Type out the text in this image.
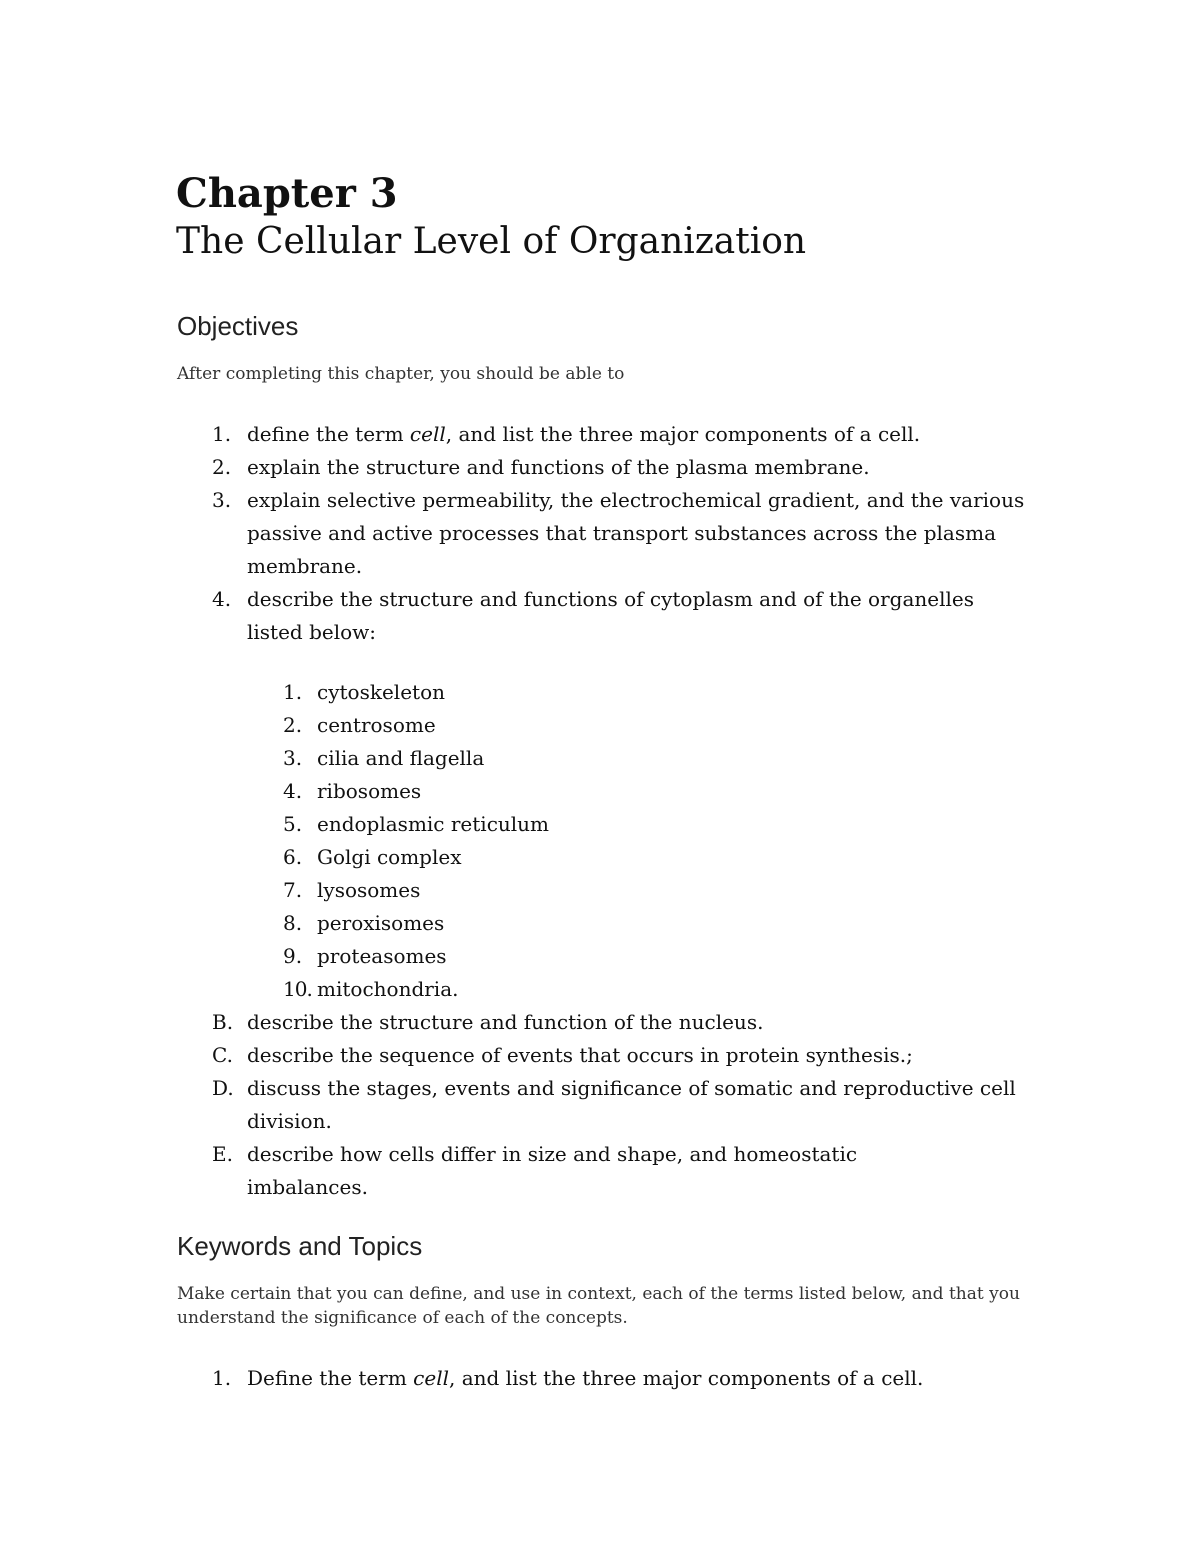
Chapter 3
The Cellular Level of Organization
Objectives
After completing this chapter, you should be able to
1. define the term cell, and list the three major components of a cell.
2. explain the structure and functions of the plasma membrane.
3. explain selective permeability, the electrochemical gradient, and the various passive and active processes that transport substances across the plasma membrane.
4. describe the structure and functions of cytoplasm and of the organelles listed below:
1. cytoskeleton
2. centrosome
3. cilia and flagella
4. ribosomes
5. endoplasmic reticulum
6. Golgi complex
7. lysosomes
8. peroxisomes
9. proteasomes
10. mitochondria.
B. describe the structure and function of the nucleus.
C. describe the sequence of events that occurs in protein synthesis.;
D. discuss the stages, events and significance of somatic and reproductive cell division.
E. describe how cells differ in size and shape, and homeostatic imbalances.
Keywords and Topics
Make certain that you can define, and use in context, each of the terms listed below, and that you understand the significance of each of the concepts.
1. Define the term cell, and list the three major components of a cell.
